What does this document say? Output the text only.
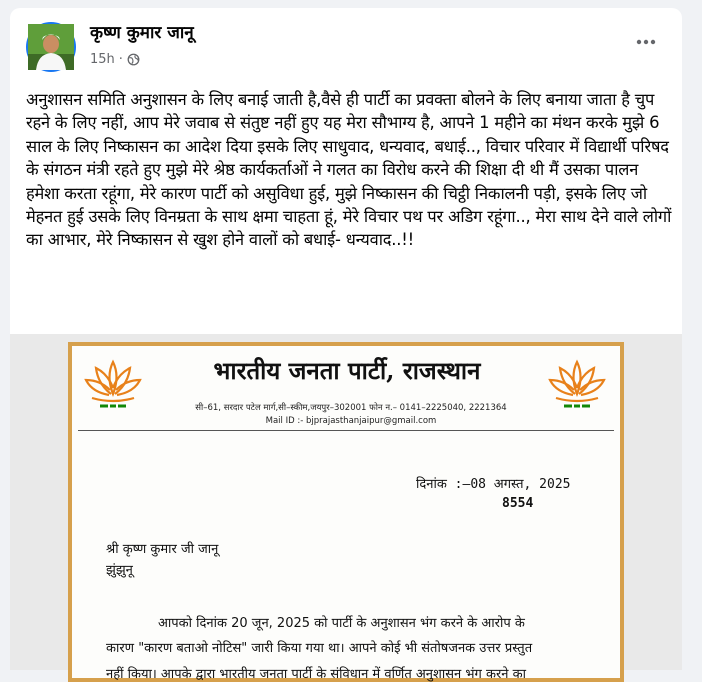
कृष्ण कुमार जानू
15h ·
अनुशासन समिति अनुशासन के लिए बनाई जाती है,वैसे ही पार्टी का प्रवक्ता बोलने के लिए बनाया जाता है चुप रहने के लिए नहीं, आप मेरे जवाब से संतुष्ट नहीं हुए यह मेरा सौभाग्य है, आपने 1 महीने का मंथन करके मुझे 6 साल के लिए निष्कासन का आदेश दिया इसके लिए साधुवाद, धन्यवाद, बधाई.., विचार परिवार में विद्यार्थी परिषद के संगठन मंत्री रहते हुए मुझे मेरे श्रेष्ठ कार्यकर्ताओं ने गलत का विरोध करने की शिक्षा दी थी मैं उसका पालन हमेशा करता रहूंगा, मेरे कारण पार्टी को असुविधा हुई, मुझे निष्कासन की चिट्ठी निकालनी पड़ी, इसके लिए जो मेहनत हुई उसके लिए विनम्रता के साथ क्षमा चाहता हूं, मेरे विचार पथ पर अडिग रहूंगा.., मेरा साथ देने वाले लोगों का आभार, मेरे निष्कासन से खुश होने वालों को बधाई- धन्यवाद..!!
भारतीय जनता पार्टी, राजस्थान
सी–61, सरदार पटेल मार्ग,सी–स्कीम,जयपुर–302001 फोन न.– 0141–2225040, 2221364
Mail ID :- bjprajasthanjaipur@gmail.com
दिनांक :–08 अगस्त, 2025
8554
श्री कृष्ण कुमार जी जानू
झुंझुनू
आपको दिनांक 20 जून, 2025 को पार्टी के अनुशासन भंग करने के आरोप के
कारण "कारण बताओ नोटिस" जारी किया गया था। आपने कोई भी संतोषजनक उत्तर प्रस्तुत
नहीं किया। आपके द्वारा भारतीय जनता पार्टी के संविधान में वर्णित अनुशासन भंग करने का
